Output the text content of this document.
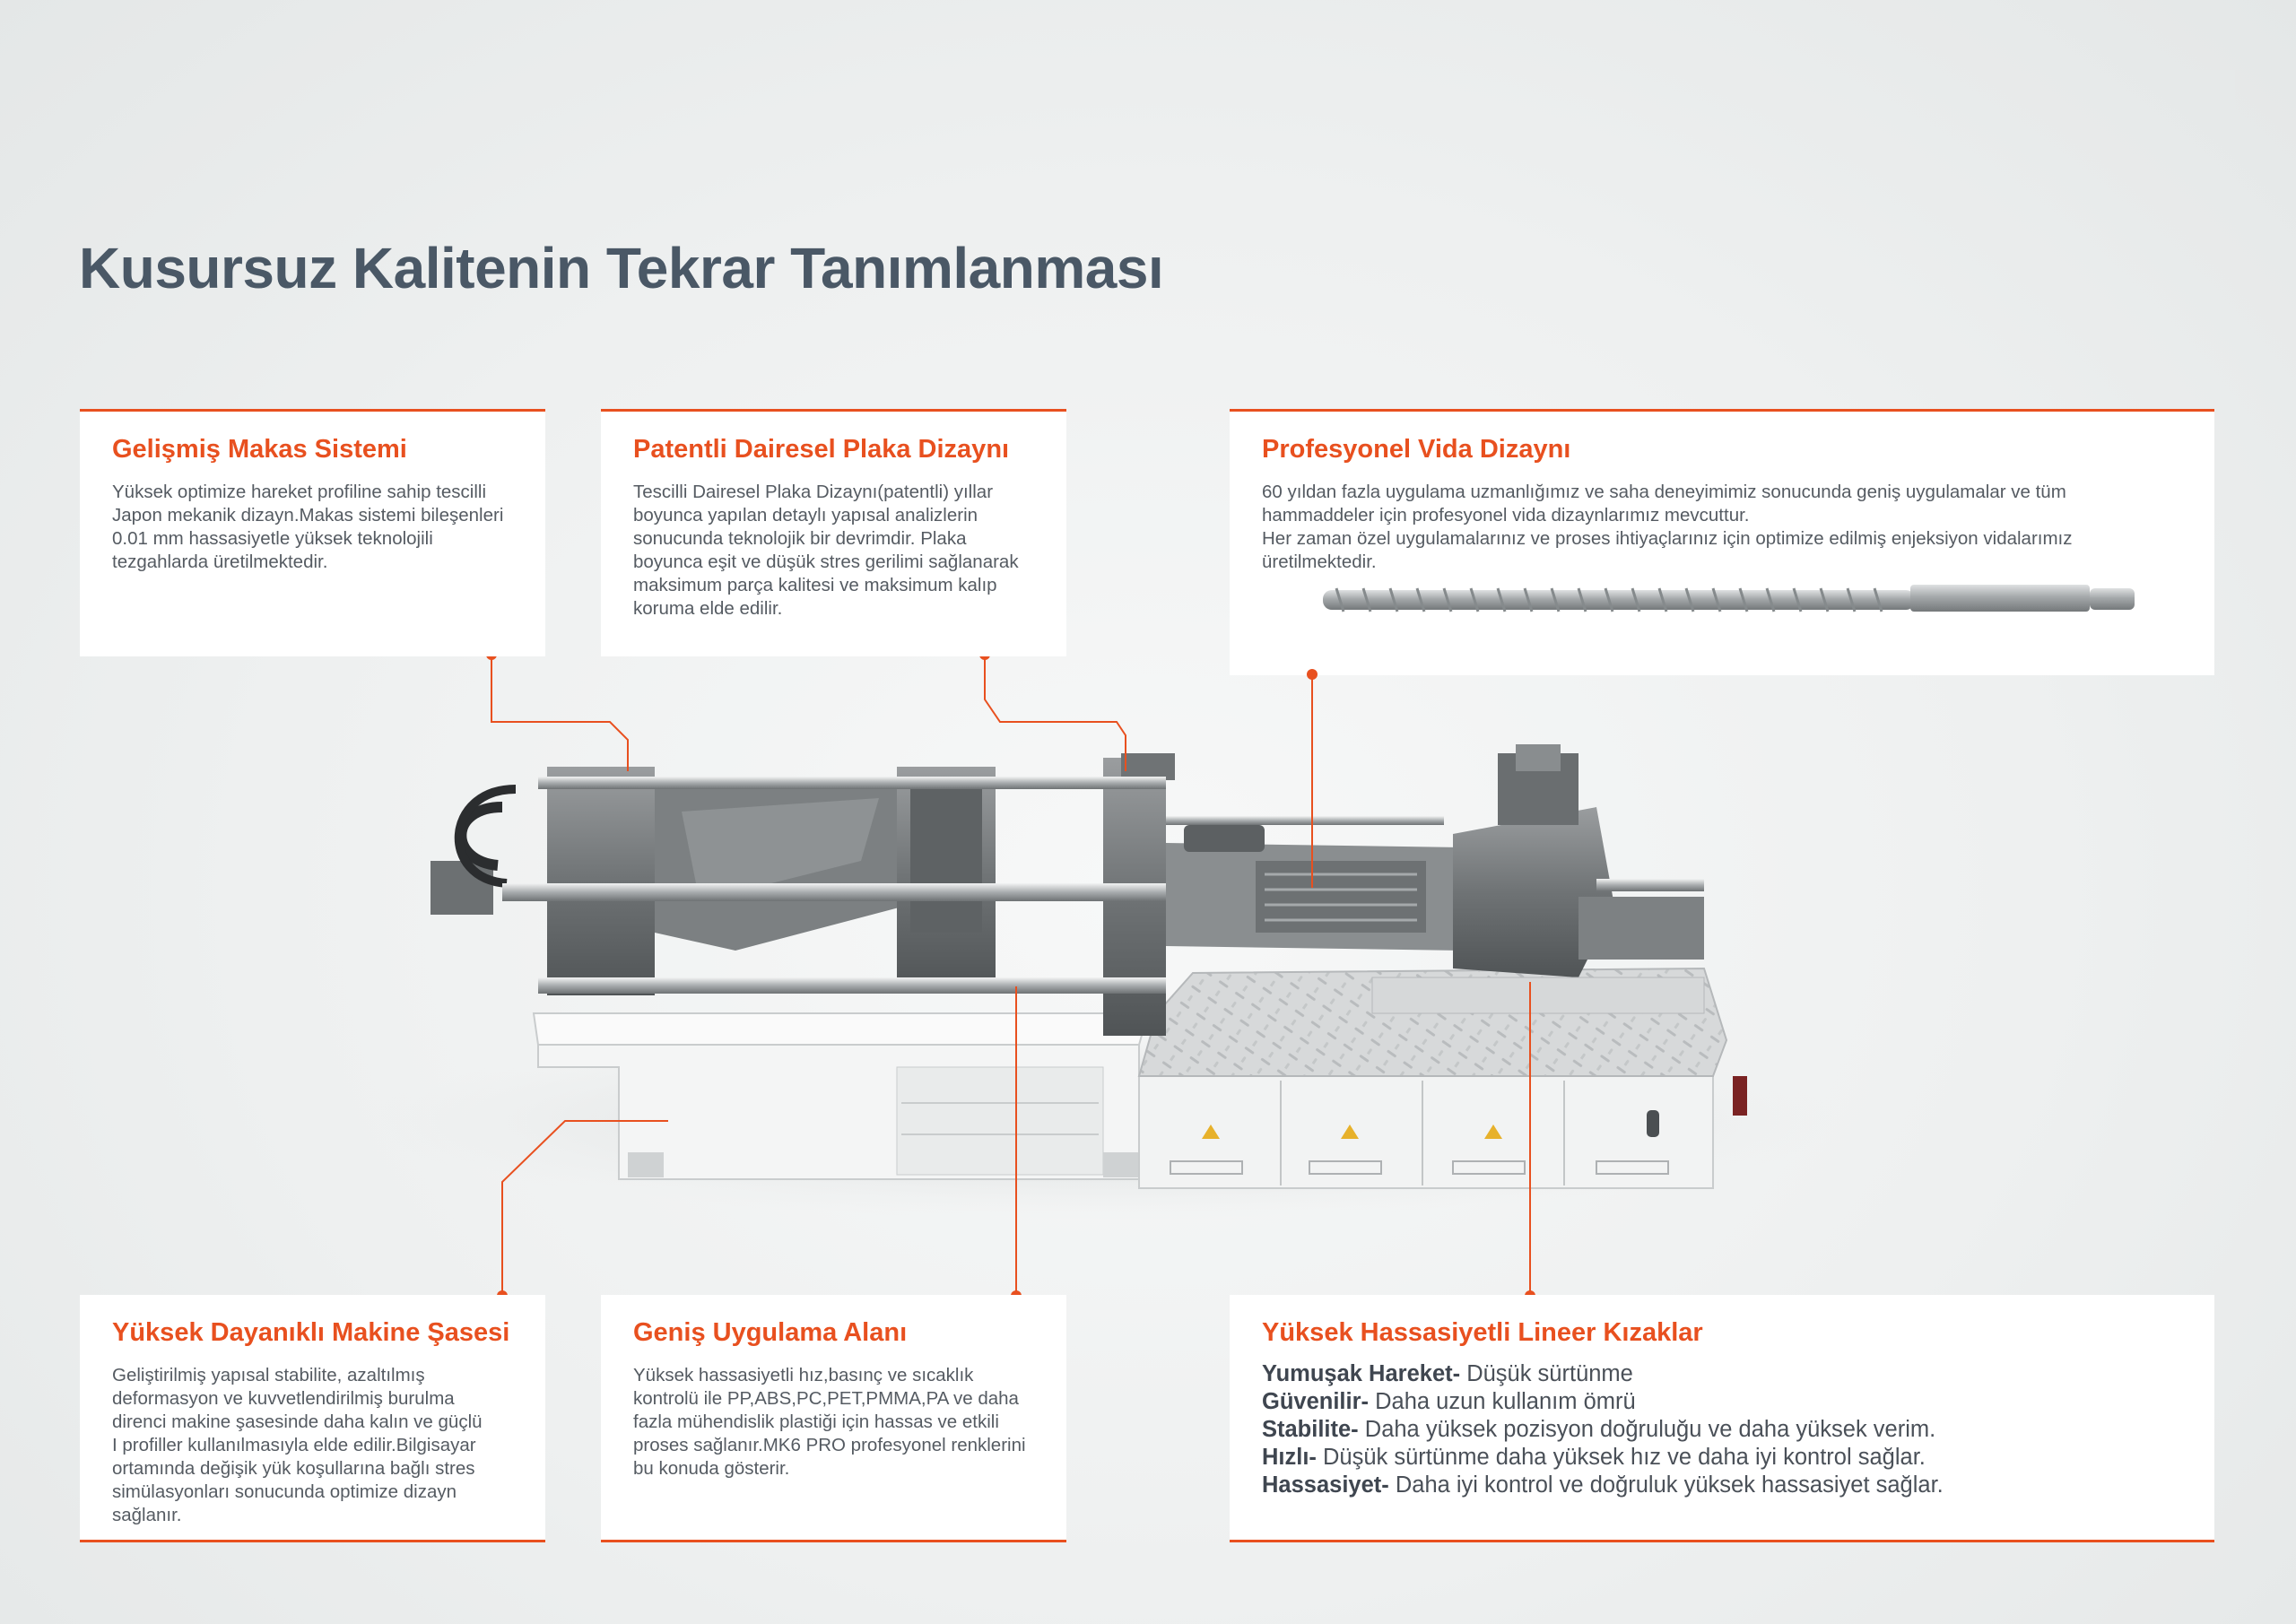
Kusursuz Kalitenin Tekrar Tanımlanması
Gelişmiş Makas Sistemi

Yüksek optimize hareket profiline sahip tescilli
Japon mekanik dizayn.Makas sistemi bileşenleri
0.01 mm hassasiyetle yüksek teknolojili
tezgahlarda üretilmektedir.

Patentli Dairesel Plaka Dizaynı

Tescilli Dairesel Plaka Dizaynı(patentli) yıllar
boyunca yapılan detaylı yapısal analizlerin
sonucunda teknolojik bir devrimdir. Plaka
boyunca eşit ve düşük stres gerilimi sağlanarak
maksimum parça kalitesi ve maksimum kalıp
koruma elde edilir.

Profesyonel Vida Dizaynı

60 yıldan fazla uygulama uzmanlığımız ve saha deneyimimiz sonucunda geniş uygulamalar ve tüm
hammaddeler için profesyonel vida dizaynlarımız mevcuttur.
Her zaman özel uygulamalarınız ve proses ihtiyaçlarınız için optimize edilmiş enjeksiyon vidalarımız
üretilmektedir.

Yüksek Dayanıklı Makine Şasesi

Geliştirilmiş yapısal stabilite, azaltılmış
deformasyon ve kuvvetlendirilmiş burulma
direnci makine şasesinde daha kalın ve güçlü
I profiller kullanılmasıyla elde edilir.Bilgisayar
ortamında değişik yük koşullarına bağlı stres
simülasyonları sonucunda optimize dizayn
sağlanır.

Geniş Uygulama Alanı

Yüksek hassasiyetli hız,basınç ve sıcaklık
kontrolü ile PP,ABS,PC,PET,PMMA,PA ve daha
fazla mühendislik plastiği için hassas ve etkili
proses sağlanır.MK6 PRO profesyonel renklerini
bu konuda gösterir.

Yüksek Hassasiyetli Lineer Kızaklar
Yumuşak Hareket- Düşük sürtünme
Güvenilir- Daha uzun kullanım ömrü
Stabilite- Daha yüksek pozisyon doğruluğu ve daha yüksek verim.
Hızlı- Düşük sürtünme daha yüksek hız ve daha iyi kontrol sağlar.
Hassasiyet- Daha iyi kontrol ve doğruluk yüksek hassasiyet sağlar.
